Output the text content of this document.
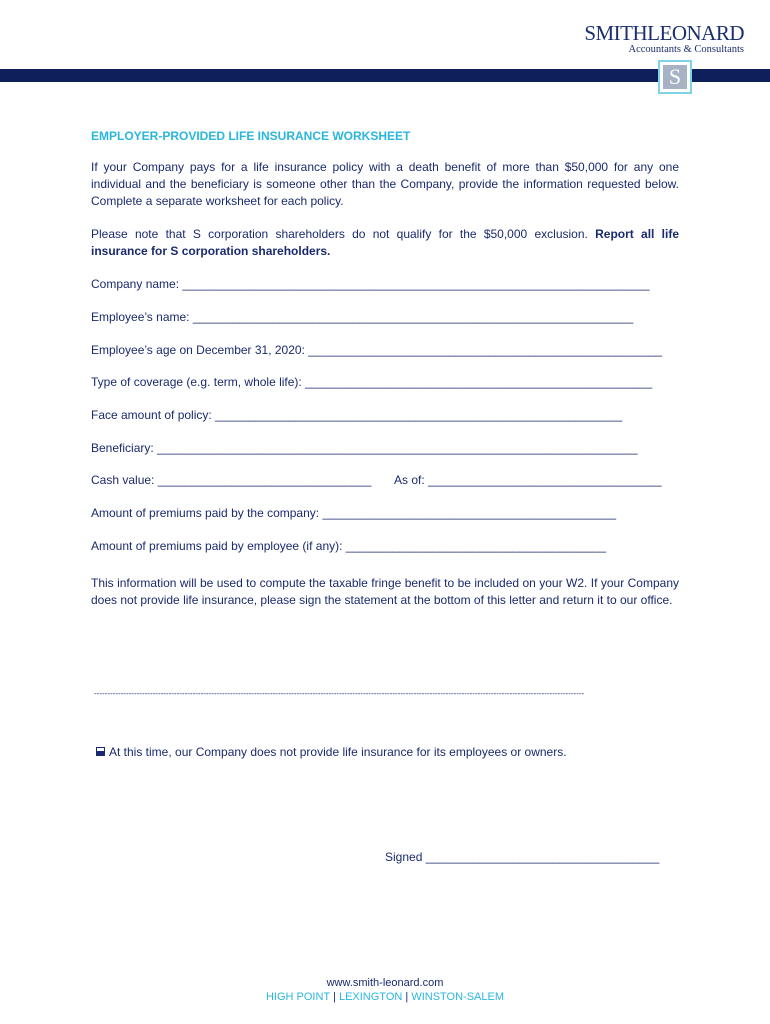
SMITHLEONARD
Accountants & Consultants
S
EMPLOYER-PROVIDED LIFE INSURANCE WORKSHEET
If your Company pays for a life insurance policy with a death benefit of more than $50,000 for any one individual and the beneficiary is someone other than the Company, provide the information requested below. Complete a separate worksheet for each policy.
Please note that S corporation shareholders do not qualify for the $50,000 exclusion. Report all life insurance for S corporation shareholders.
Company name: ______________________________________________________________________
Employee’s name: __________________________________________________________________
Employee’s age on December 31, 2020: _____________________________________________________
Type of coverage (e.g. term, whole life): ____________________________________________________
Face amount of policy: _____________________________________________________________
Beneficiary: ________________________________________________________________________
Cash value: ________________________________	As of: ___________________________________
Amount of premiums paid by the company: ____________________________________________
Amount of premiums paid by employee (if any): _______________________________________
This information will be used to compute the taxable fringe benefit to be included on your W2. If your Company does not provide life insurance, please sign the statement at the bottom of this letter and return it to our office.
----------------------------------------------------------------------------------------------------------------------------------------------------------------------------------------
At this time, our Company does not provide life insurance for its employees or owners.
Signed ___________________________________
www.smith-leonard.com
HIGH POINT | LEXINGTON | WINSTON-SALEM
